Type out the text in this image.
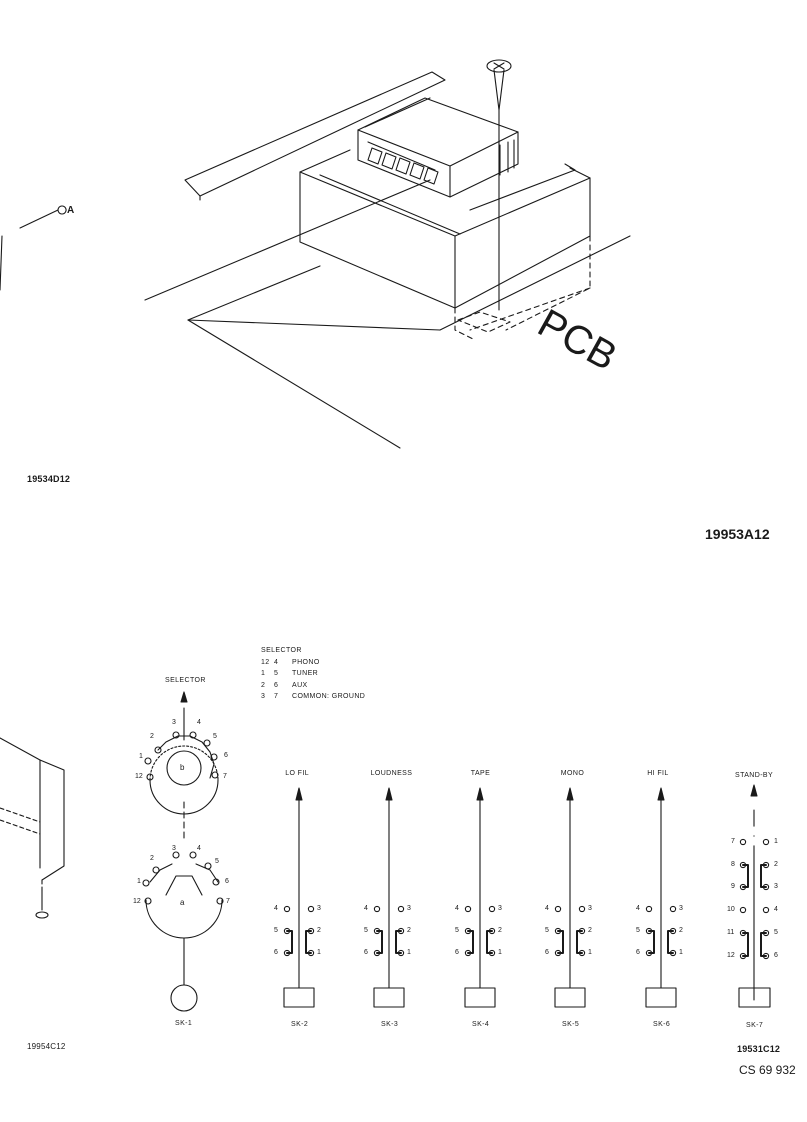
A
PCB
19534D12
19953A12
SELECTOR
12 4 PHONO
1 5 TUNER
2 6 AUX
3 7 COMMON: GROUND
SELECTOR
b
a
3	4
5
6
7
12
1
2
3	4
5
6
7
12
1
2
SK-1
LO FIL
4	3
5	2
6	1
SK-2
LOUDNESS
4	3
5	2
6	1
SK-3
TAPE
4	3
5	2
6	1
SK-4
MONO
4	3
5	2
6	1
SK-5
HI FIL
4	3
5	2
6	1
SK-6
STAND-BY
7	1
8	2
9	3
10	4
11	5
12	6
SK-7
19954C12	19531C12
CS 69 932
